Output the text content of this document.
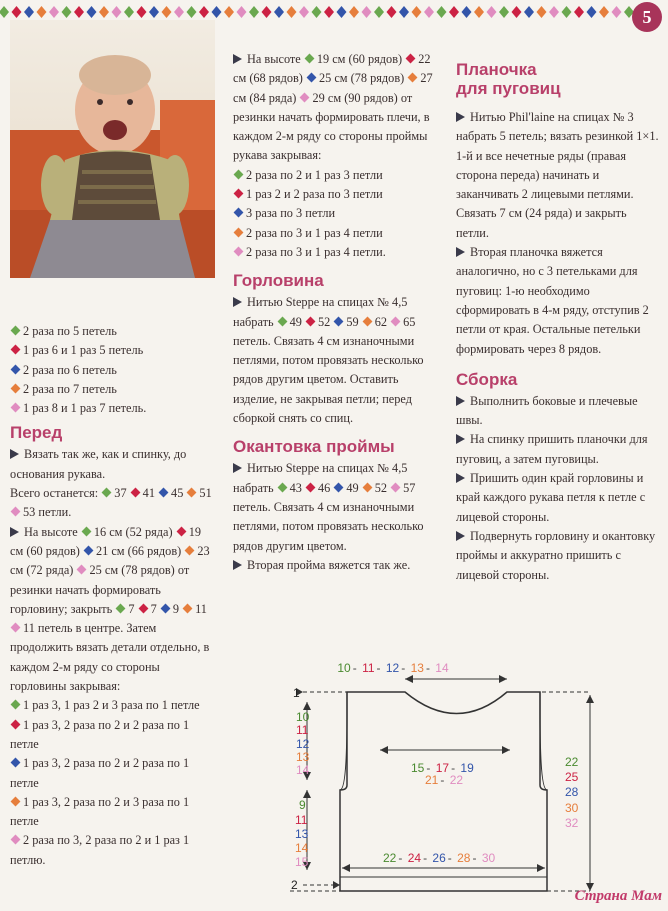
5

2 раза по 5 петель

1 раз 6 и 1 раз 5 петель

2 раза по 6 петель

2 раза по 7 петель

1 раз 8 и 1 раз 7 петель.

Перед

Вязать так же, как и спинку, до основания рукава.

Всего останется: 37 41 45 51 53 петли.

На высоте 16 см (52 ряда) 19 см (60 рядов) 21 см (66 рядов) 23 см (72 ряда) 25 см (78 рядов) от резинки начать формировать горловину; закрыть 7 7 9 11 11 петель в центре. Затем продолжить вязать детали отдельно, в каждом 2-м ряду со стороны горловины закрывая:

1 раз 3, 1 раз 2 и 3 раза по 1 петле

1 раз 3, 2 раза по 2 и 2 раза по 1 петле

1 раз 3, 2 раза по 2 и 2 раза по 1 петле

1 раз 3, 2 раза по 2 и 3 раза по 1 петле

2 раза по 3, 2 раза по 2 и 1 раз 1 петлю.

На высоте 19 см (60 рядов) 22 см (68 рядов) 25 см (78 рядов) 27 см (84 ряда) 29 см (90 рядов) от резинки начать формировать плечи, в каждом 2-м ряду со стороны проймы рукава закрывая:

2 раза по 2 и 1 раз 3 петли

1 раз 2 и 2 раза по 3 петли

3 раза по 3 петли

2 раза по 3 и 1 раз 4 петли

2 раза по 3 и 1 раз 4 петли.

Горловина

Нитью Steppe на спицах № 4,5 набрать 49 52 59 62 65 петель. Связать 4 см изнаночными петлями, потом провязать несколько рядов другим цветом. Оставить изделие, не закрывая петли; перед сборкой снять со спиц.

Окантовка проймы

Нитью Steppe на спицах № 4,5 набрать 43 46 49 52 57 петель. Связать 4 см изнаночными петлями, потом провязать несколько рядов другим цветом.

Вторая пройма вяжется так же.

Планочка
для пуговиц

Нитью Phil'laine на спицах № 3 набрать 5 петель; вязать резинкой 1×1. 1-й и все нечетные ряды (правая сторона переда) начинать и заканчивать 2 лицевыми петлями. Связать 7 см (24 ряда) и закрыть петли.

Вторая планочка вяжется аналогично, но с 3 петельками для пуговиц: 1-ю необходимо сформировать в 4-м ряду, отступив 2 петли от края. Остальные петельки формировать через 8 рядов.

Сборка

Выполнить боковые и плечевые швы.

На спинку пришить планочки для пуговиц, а затем пуговицы.

Пришить один край горловины и край каждого рукава петля к петле с лицевой стороны.

Подвернуть горловину и окантовку проймы и аккуратно пришить с лицевой стороны.

1
2
10 - 11 - 12 - 13 - 14
15 - 17 - 19
21 - 22
22 - 24 - 26 - 28 - 30
10
11
12
13
14
9
11
13
14
15
22
25
28
30
32
Страна Мам
